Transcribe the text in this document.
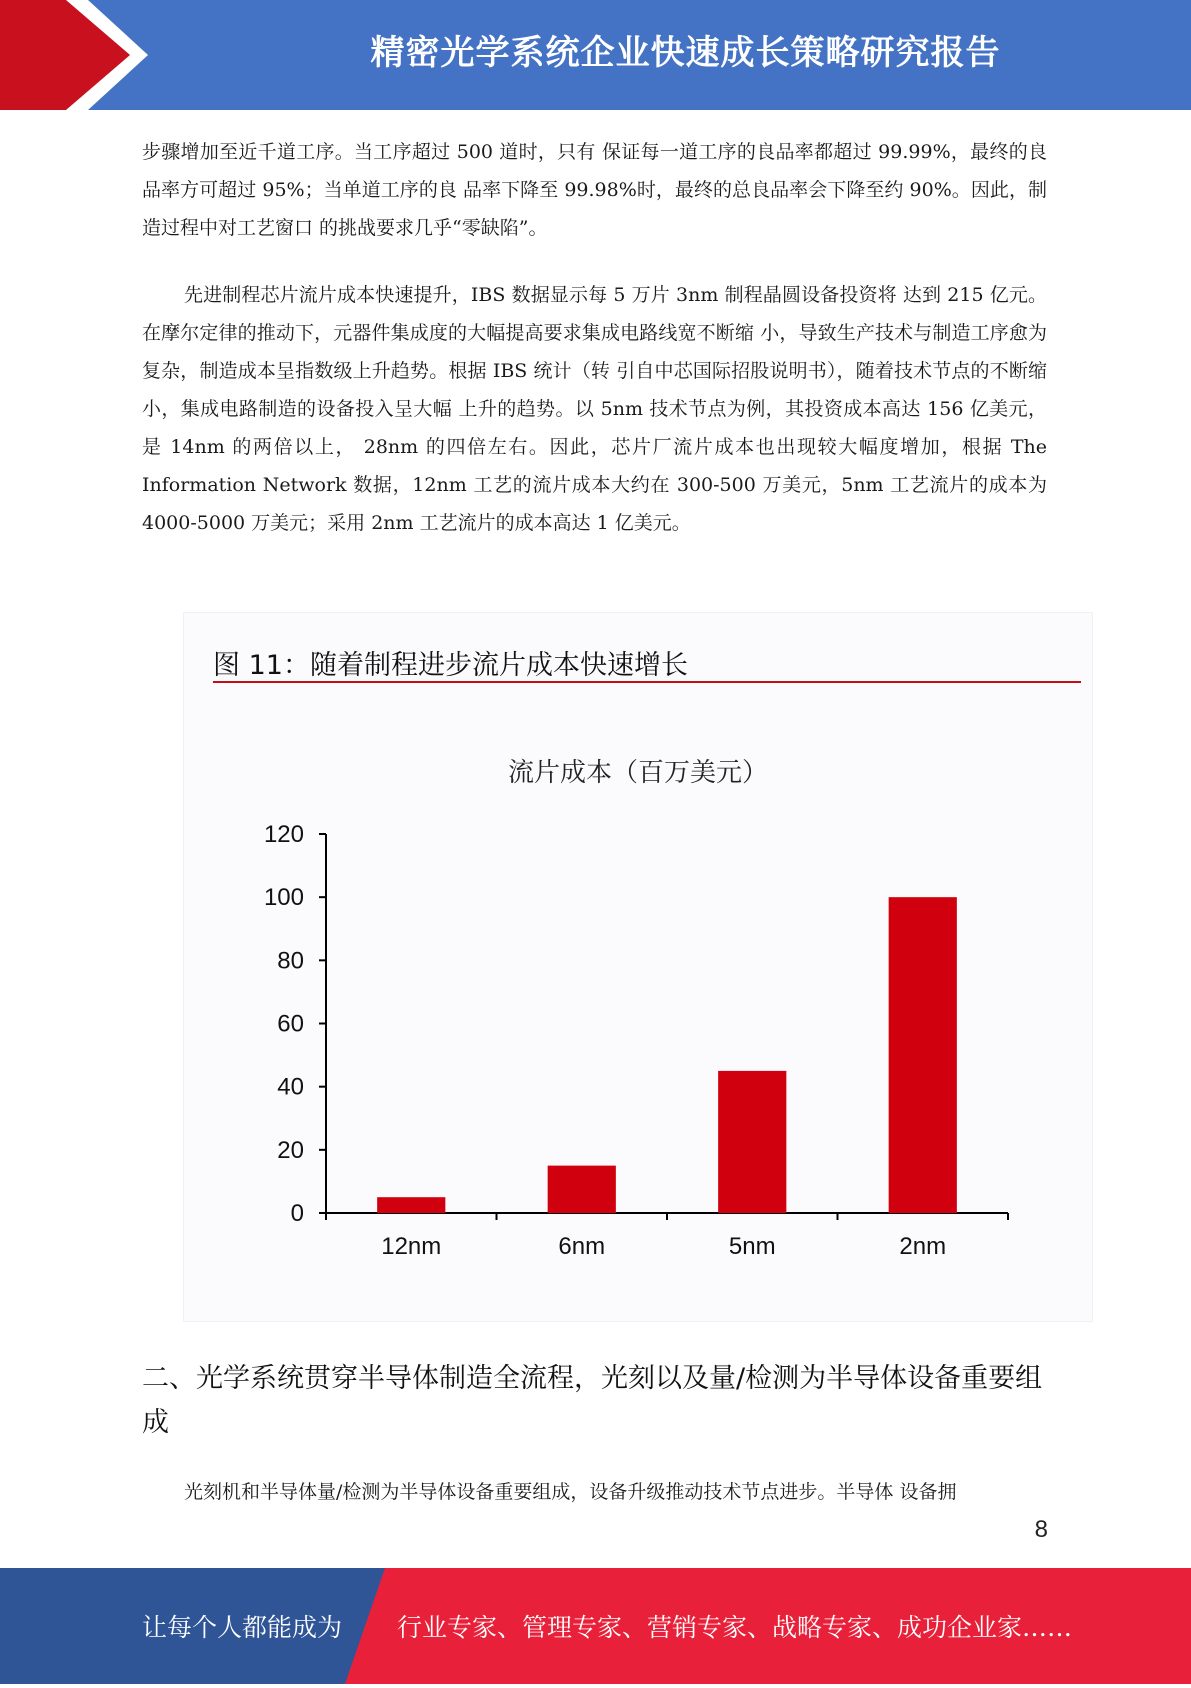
精密光学系统企业快速成长策略研究报告

步骤增加至近千道工序。当工序超过 500 道时，只有 保证每一道工序的良品率都超过 99.99%，最终的良品率方可超过 95%；当单道工序的良 品率下降至 99.98%时，最终的总良品率会下降至约 90%。因此，制造过程中对工艺窗口 的挑战要求几乎“零缺陷”。

先进制程芯片流片成本快速提升，IBS 数据显示每 5 万片 3nm 制程晶圆设备投资将 达到 215 亿元。在摩尔定律的推动下，元器件集成度的大幅提高要求集成电路线宽不断缩 小，导致生产技术与制造工序愈为复杂，制造成本呈指数级上升趋势。根据 IBS 统计（转 引自中芯国际招股说明书），随着技术节点的不断缩小，集成电路制造的设备投入呈大幅 上升的趋势。以 5nm 技术节点为例，其投资成本高达 156 亿美元，是 14nm 的两倍以上， 28nm 的四倍左右。因此，芯片厂流片成本也出现较大幅度增加，根据 The Information Network 数据，12nm 工艺的流片成本大约在 300-500 万美元，5nm 工艺流片的成本为 4000-5000 万美元；采用 2nm 工艺流片的成本高达 1 亿美元。

图 11：随着制程进步流片成本快速增长

流片成本（百万美元）
0
20
40
60
80
100
120
12nm	6nm	5nm	2nm
二、光学系统贯穿半导体制造全流程，光刻以及量/检测为半导体设备重要组成

光刻机和半导体量/检测为半导体设备重要组成，设备升级推动技术节点进步。半导体 设备拥

8
让每个人都能成为 行业专家、管理专家、营销专家、战略专家、成功企业家……
